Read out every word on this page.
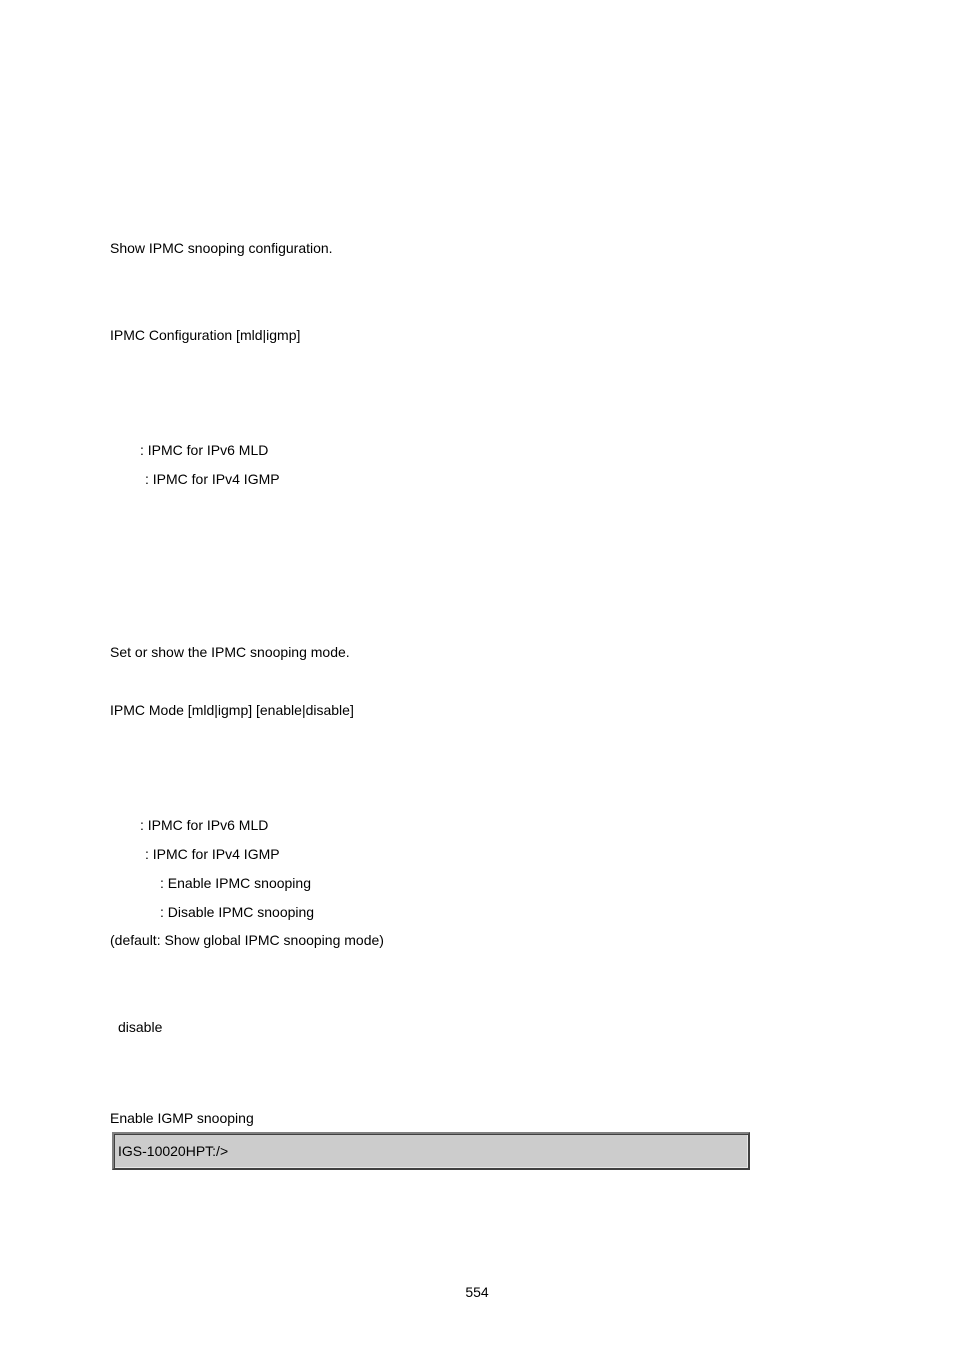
Show IPMC snooping configuration.
IPMC Configuration [mld|igmp]
: IPMC for IPv6 MLD
: IPMC for IPv4 IGMP
Set or show the IPMC snooping mode.
IPMC Mode [mld|igmp] [enable|disable]
: IPMC for IPv6 MLD
: IPMC for IPv4 IGMP
: Enable IPMC snooping
: Disable IPMC snooping
(default: Show global IPMC snooping mode)
disable
Enable IGMP snooping
IGS-10020HPT:/>
554
